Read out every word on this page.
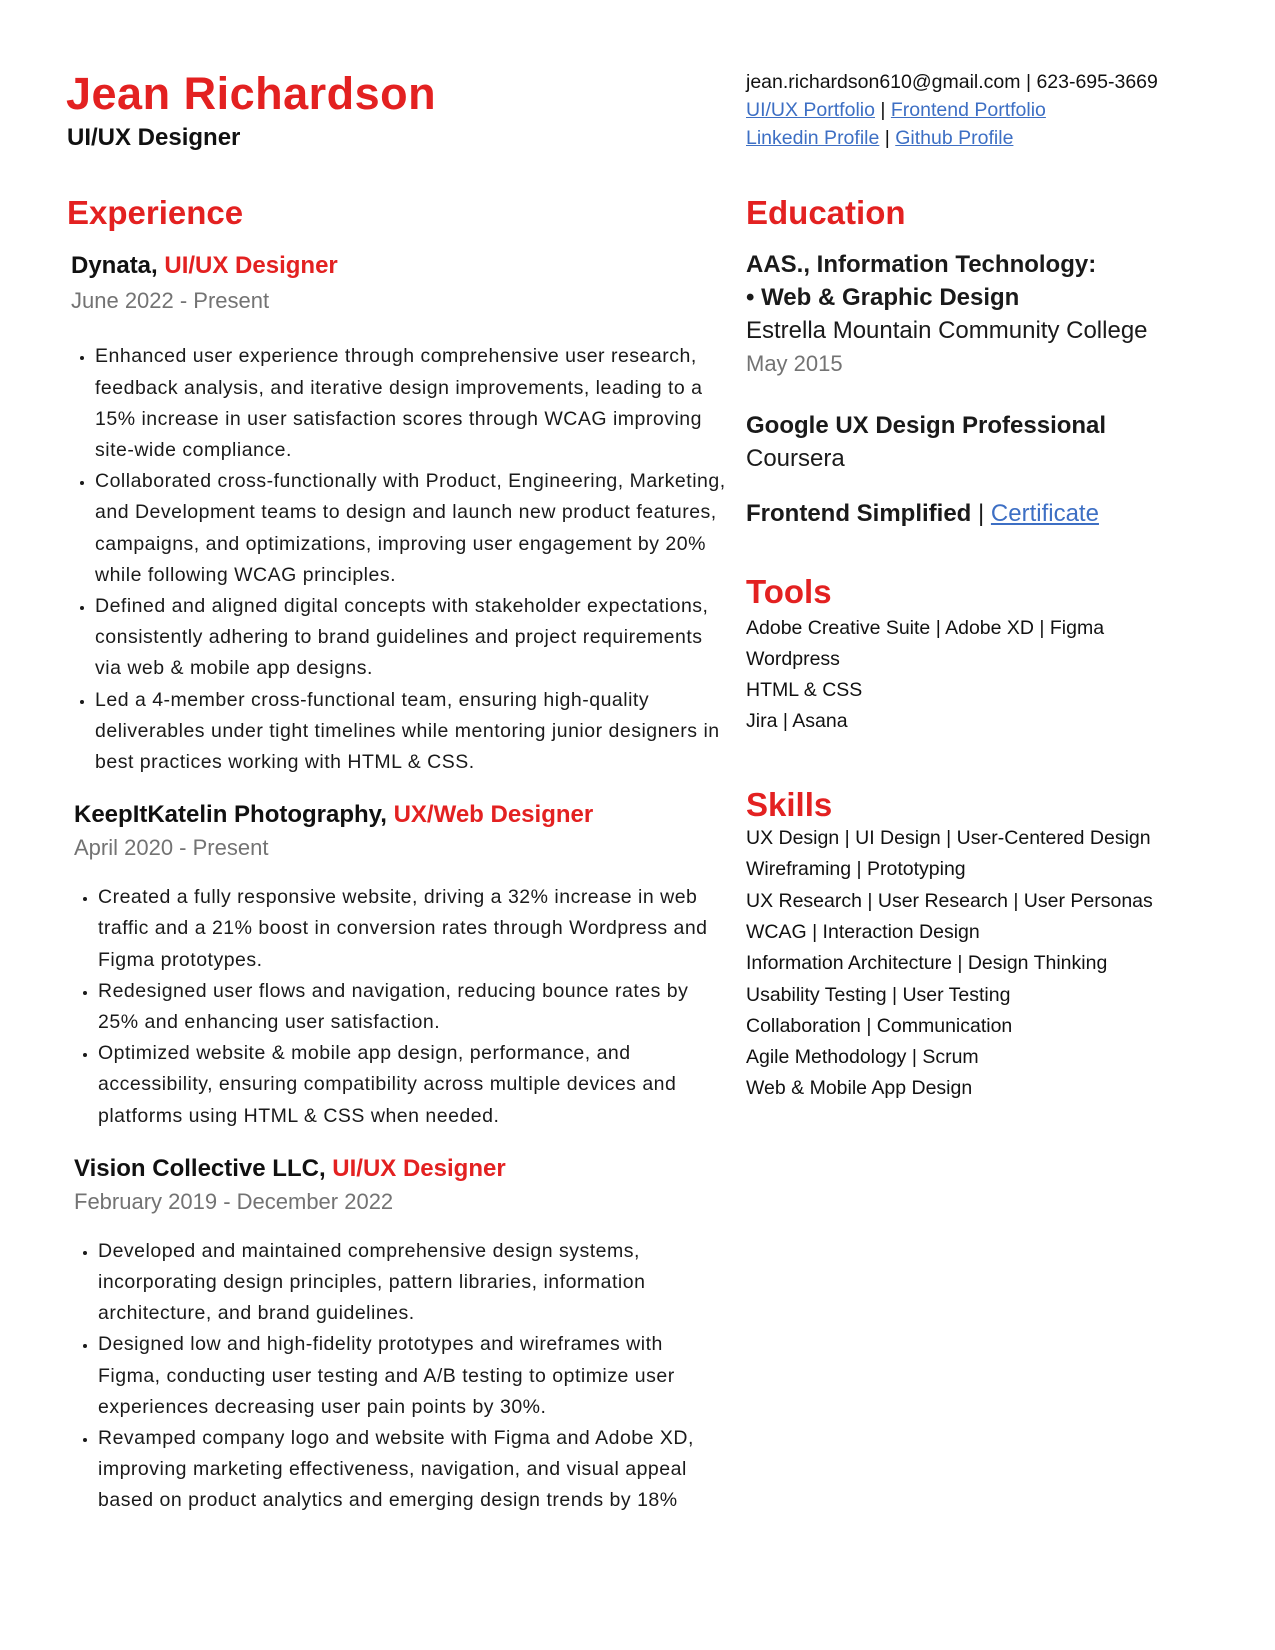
Jean Richardson
UI/UX Designer
jean.richardson610@gmail.com | 623-695-3669
UI/UX Portfolio | Frontend Portfolio
Linkedin Profile | Github Profile
Experience

Dynata, UI/UX Designer

June 2022 - Present

• Enhanced user experience through comprehensive user research, feedback analysis, and iterative design improvements, leading to a 15% increase in user satisfaction scores through WCAG improving site-wide compliance.
• Collaborated cross-functionally with Product, Engineering, Marketing, and Development teams to design and launch new product features, campaigns, and optimizations, improving user engagement by 20% while following WCAG principles.
• Defined and aligned digital concepts with stakeholder expectations, consistently adhering to brand guidelines and project requirements via web & mobile app designs.
• Led a 4-member cross-functional team, ensuring high-quality deliverables under tight timelines while mentoring junior designers in best practices working with HTML & CSS.

KeepItKatelin Photography, UX/Web Designer

April 2020 - Present

• Created a fully responsive website, driving a 32% increase in web traffic and a 21% boost in conversion rates through Wordpress and Figma prototypes.
• Redesigned user flows and navigation, reducing bounce rates by 25% and enhancing user satisfaction.
• Optimized website & mobile app design, performance, and accessibility, ensuring compatibility across multiple devices and platforms using HTML & CSS when needed.

Vision Collective LLC, UI/UX Designer

February 2019 - December 2022

• Developed and maintained comprehensive design systems, incorporating design principles, pattern libraries, information architecture, and brand guidelines.
• Designed low and high-fidelity prototypes and wireframes with Figma, conducting user testing and A/B testing to optimize user experiences decreasing user pain points by 30%.
• Revamped company logo and website with Figma and Adobe XD, improving marketing effectiveness, navigation, and visual appeal based on product analytics and emerging design trends by 18%
Education

AAS., Information Technology:

• Web & Graphic Design

Estrella Mountain Community College

May 2015

Google UX Design Professional

Coursera

Frontend Simplified | Certificate
Tools
Adobe Creative Suite | Adobe XD | Figma
Wordpress
HTML & CSS
Jira | Asana
Skills
UX Design | UI Design | User-Centered Design
Wireframing | Prototyping
UX Research | User Research | User Personas
WCAG | Interaction Design
Information Architecture | Design Thinking
Usability Testing | User Testing
Collaboration | Communication
Agile Methodology | Scrum
Web & Mobile App Design
